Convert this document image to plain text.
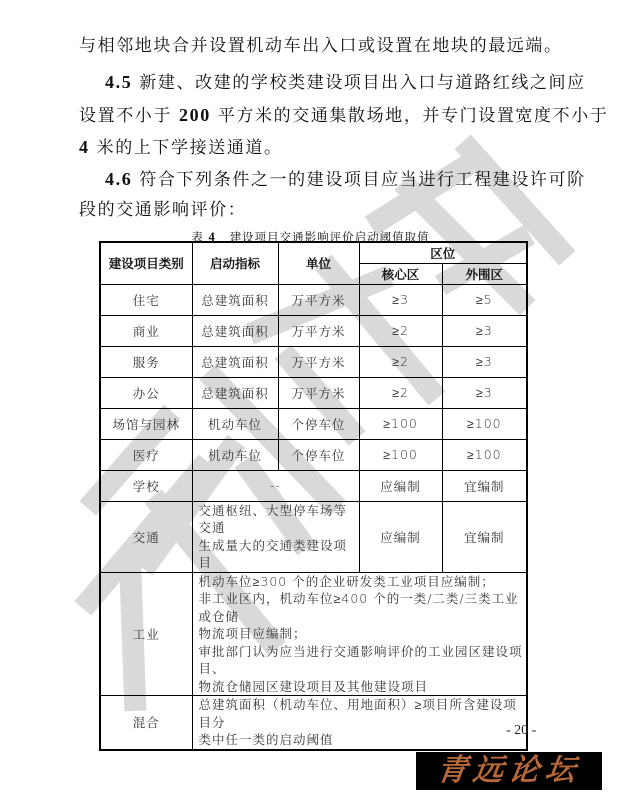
与相邻地块合并设置机动车出入口或设置在地块的最远端。
4.5 新建、改建的学校类建设项目出入口与道路红线之间应
设置不小于 200 平方米的交通集散场地，并专门设置宽度不小于
4 米的上下学接送通道。
4.6 符合下列条件之一的建设项目应当进行工程建设许可阶
段的交通影响评价：
表 4 建设项目交通影响评价启动阈值取值
建设项目类别	启动指标	单位	区位	
			核心区	外围区
住宅	总建筑面积	万平方米	≥3	≥5
商业	总建筑面积	万平方米	≥2	≥3
服务	总建筑面积	万平方米	≥2	≥3
办公	总建筑面积	万平方米	≥2	≥3
场馆与园林	机动车位	个停车位	≥100	≥100
医疗	机动车位	个停车位	≥100	≥100
学校	--		应编制	宜编制
交通	交通枢纽、大型停车场等交通
生成量大的交通类建设项目		应编制	宜编制
工业	机动车位≥300 个的企业研发类工业项目应编制；
非工业区内，机动车位≥400 个的一类/二类/三类工业或仓储
物流项目应编制；
审批部门认为应当进行交通影响评价的工业园区建设项目、
物流仓储园区建设项目及其他建设项目			

混合	总建筑面积（机动车位、用地面积）≥项目所含建设项目分
类中任一类的启动阈值			
- 20 -
青远论坛
